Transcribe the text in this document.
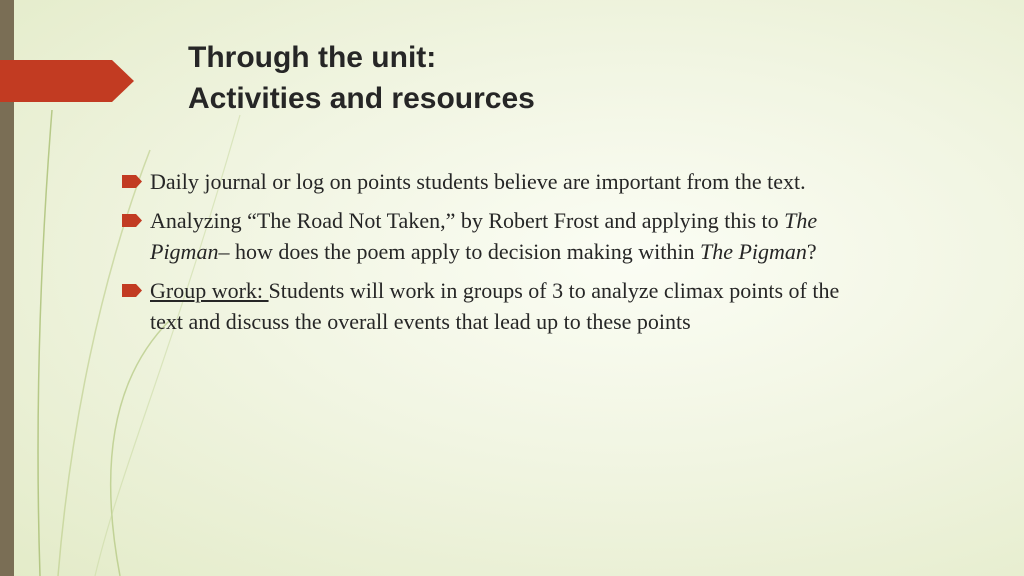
Through the unit:
Activities and resources
Daily journal or log on points students believe are important from the text.
Analyzing “The Road Not Taken,” by Robert Frost and applying this to The Pigman– how does the poem apply to decision making within The Pigman?
Group work: Students will work in groups of 3 to analyze climax points of the text and discuss the overall events that lead up to these points
